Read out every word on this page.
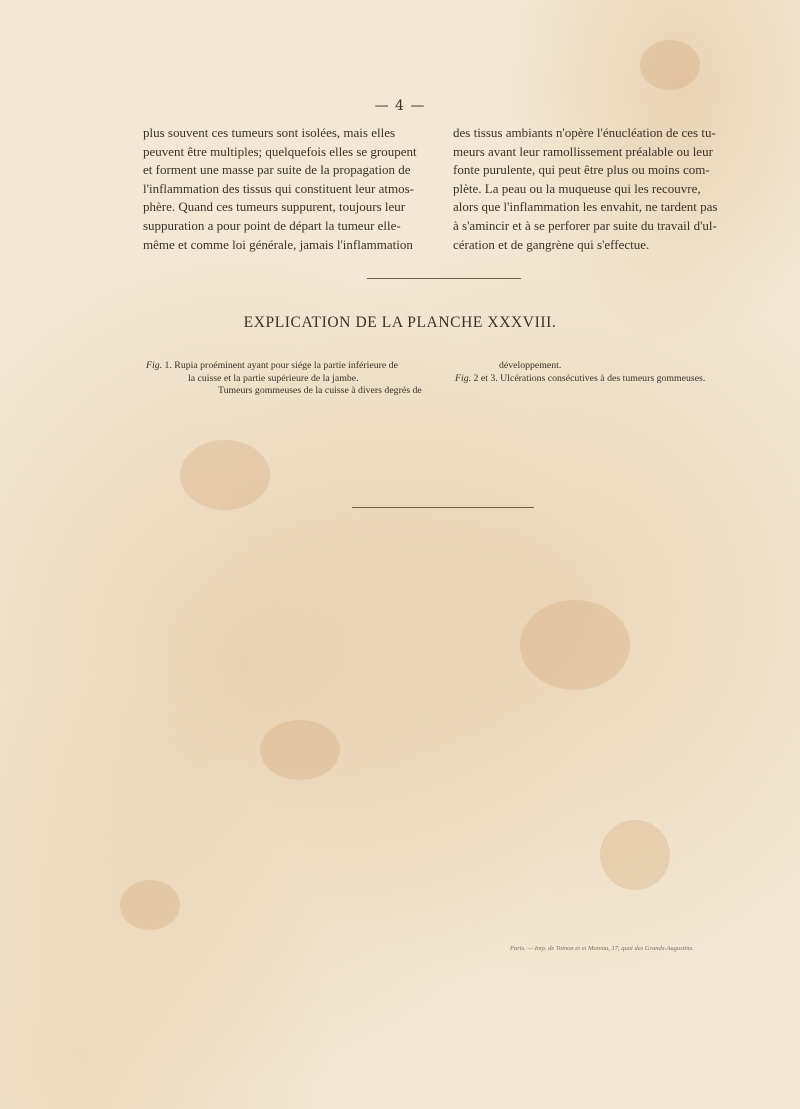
— 4 —

plus souvent ces tumeurs sont isolées, mais elles

peuvent être multiples; quelquefois elles se groupent

et forment une masse par suite de la propagation de

l'inflammation des tissus qui constituent leur atmos-

phère. Quand ces tumeurs suppurent, toujours leur

suppuration a pour point de départ la tumeur elle-

même et comme loi générale, jamais l'inflammation

des tissus ambiants n'opère l'énucléation de ces tu-

meurs avant leur ramollissement préalable ou leur

fonte purulente, qui peut être plus ou moins com-

plète. La peau ou la muqueuse qui les recouvre,

alors que l'inflammation les envahit, ne tardent pas

à s'amincir et à se perforer par suite du travail d'ul-

cération et de gangrène qui s'effectue.

EXPLICATION DE LA PLANCHE XXXVIII.
Fig. 1. Rupia proéminent ayant pour siége la partie inférieure de
la cuisse et la partie supérieure de la jambe.
Tumeurs gommeuses de la cuisse à divers degrés de
développement.
Fig. 2 et 3. Ulcérations consécutives à des tumeurs gommeuses.
Paris. — Imp. de Toinon et et Moreau, 17, quai des Grands-Augustins.
